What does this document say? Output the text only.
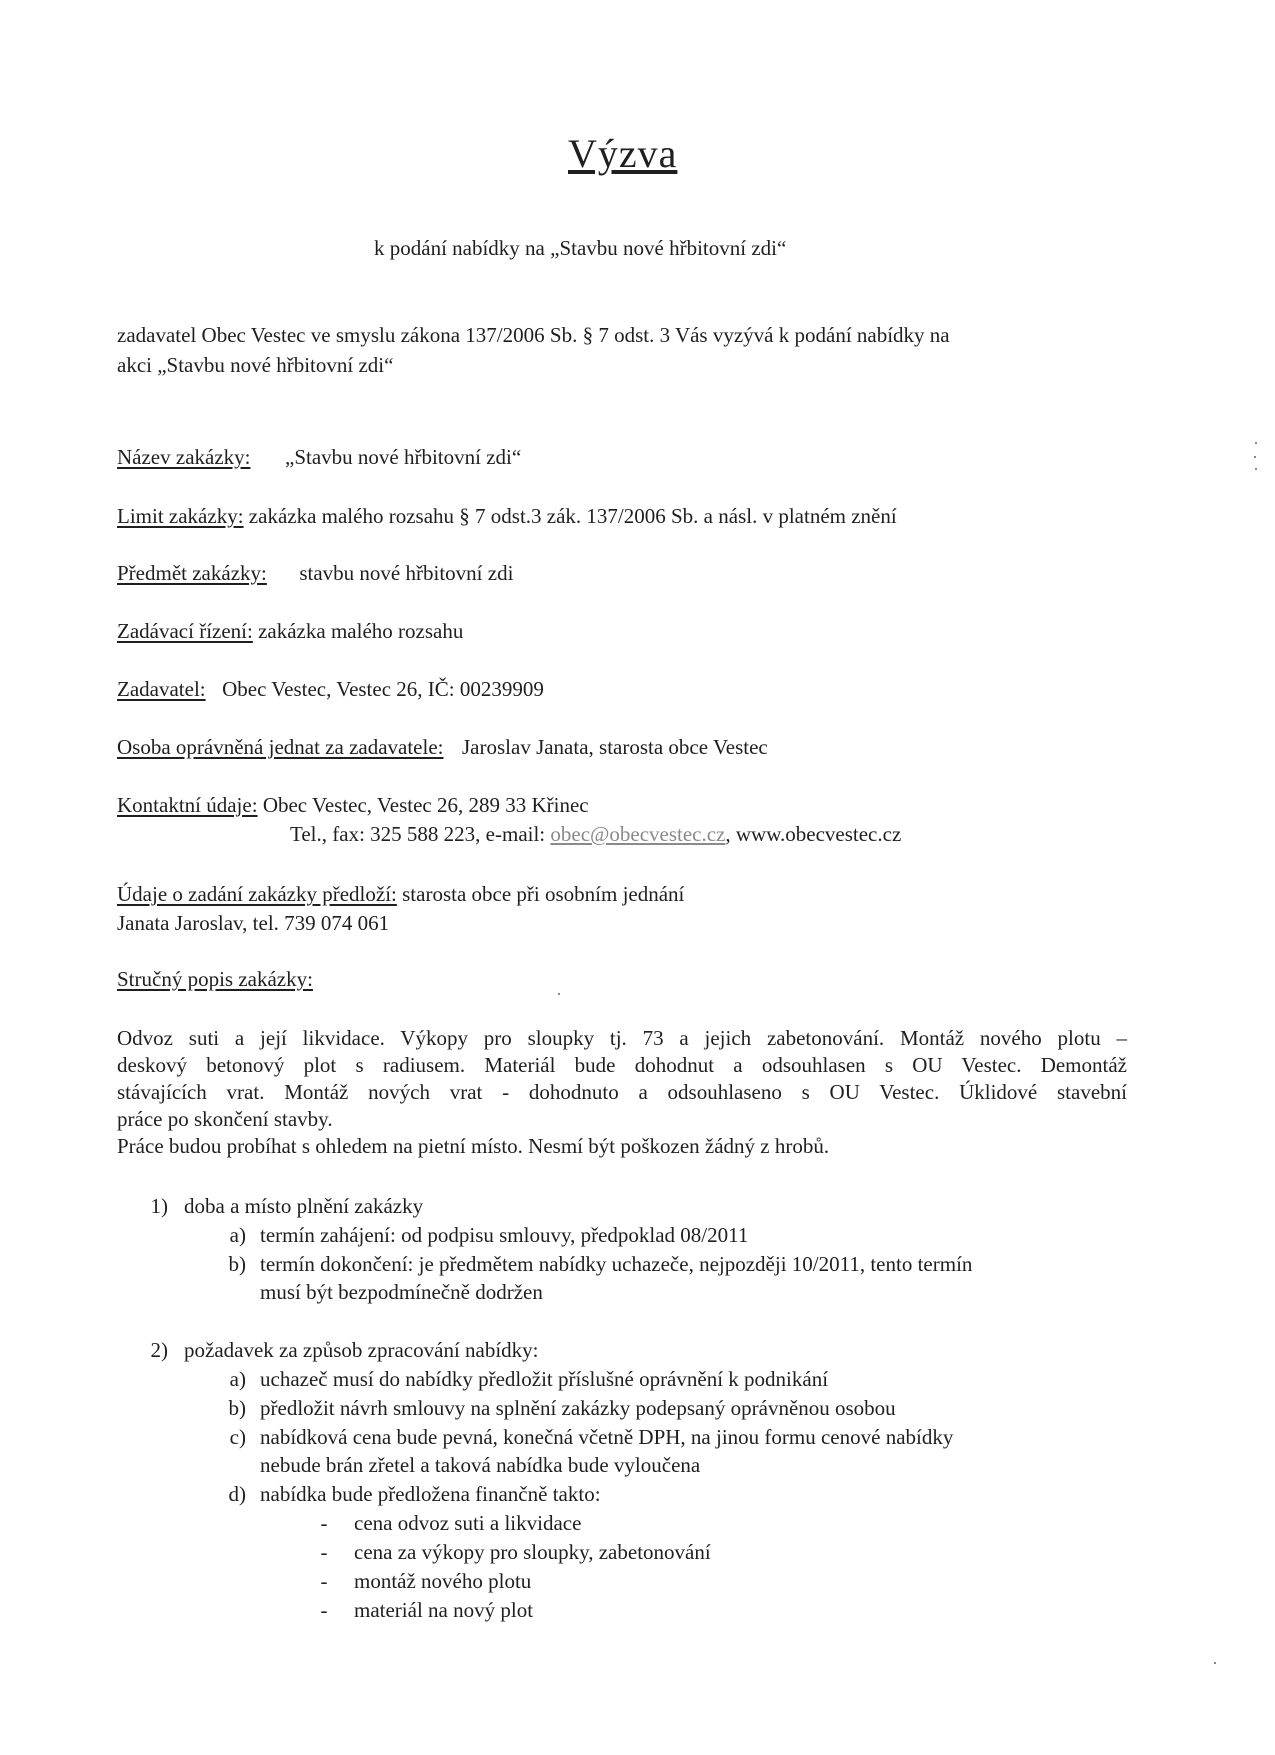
Výzva
k podání nabídky na „Stavbu nové hřbitovní zdi“
zadavatel Obec Vestec ve smyslu zákona 137/2006 Sb. § 7 odst. 3 Vás vyzývá k podání nabídky na
akci „Stavbu nové hřbitovní zdi“
Název zakázky: „Stavbu nové hřbitovní zdi“
Limit zakázky: zakázka malého rozsahu § 7 odst.3 zák. 137/2006 Sb. a násl. v platném znění
Předmět zakázky: stavbu nové hřbitovní zdi
Zadávací řízení: zakázka malého rozsahu
Zadavatel: Obec Vestec, Vestec 26, IČ: 00239909
Osoba oprávněná jednat za zadavatele: Jaroslav Janata, starosta obce Vestec
Kontaktní údaje: Obec Vestec, Vestec 26, 289 33 Křinec
Tel., fax: 325 588 223, e-mail: obec@obecvestec.cz, www.obecvestec.cz
Údaje o zadání zakázky předloží: starosta obce při osobním jednání
Janata Jaroslav, tel. 739 074 061
Stručný popis zakázky:
Odvoz suti a její likvidace. Výkopy pro sloupky tj. 73 a jejich zabetonování. Montáž nového plotu –
deskový betonový plot s radiusem. Materiál bude dohodnut a odsouhlasen s OU Vestec. Demontáž
stávajících vrat. Montáž nových vrat - dohodnuto a odsouhlaseno s OU Vestec. Úklidové stavební
práce po skončení stavby.
Práce budou probíhat s ohledem na pietní místo. Nesmí být poškozen žádný z hrobů.
1) doba a místo plnění zakázky
a) termín zahájení: od podpisu smlouvy, předpoklad 08/2011
b) termín dokončení: je předmětem nabídky uchazeče, nejpozději 10/2011, tento termín
musí být bezpodmínečně dodržen
2) požadavek za způsob zpracování nabídky:
a) uchazeč musí do nabídky předložit příslušné oprávnění k podnikání
b) předložit návrh smlouvy na splnění zakázky podepsaný oprávněnou osobou
c) nabídková cena bude pevná, konečná včetně DPH, na jinou formu cenové nabídky
nebude brán zřetel a taková nabídka bude vyloučena
d) nabídka bude předložena finančně takto:
-	cena odvoz suti a likvidace
-	cena za výkopy pro sloupky, zabetonování
-	montáž nového plotu
-	materiál na nový plot
